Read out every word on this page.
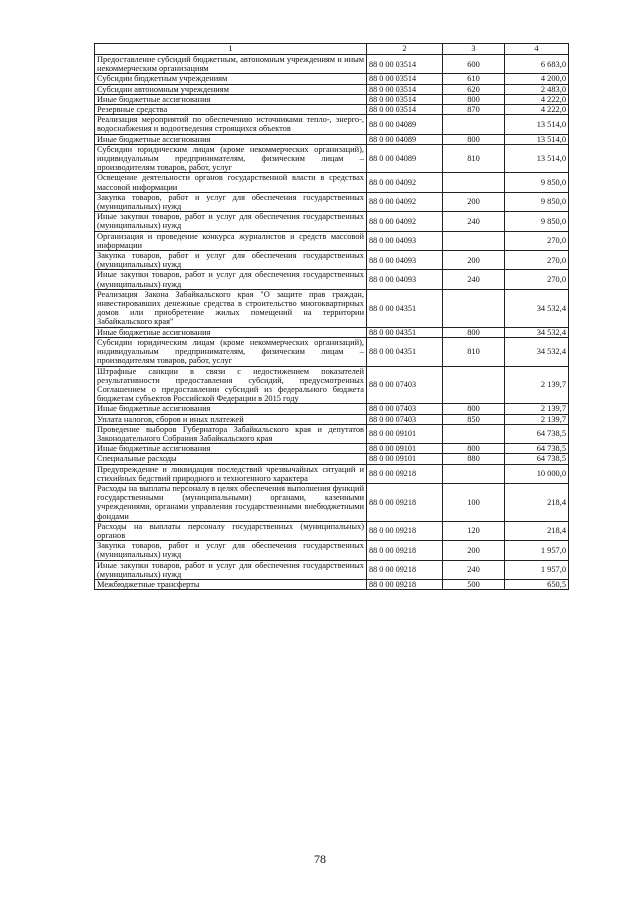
1	2	3	4
Предоставление субсидий бюджетным, автономным учреждениям и иным некоммерческим организациям	88 0 00 03514	600	6 683,0
Субсидии бюджетным учреждениям	88 0 00 03514	610	4 200,0
Субсидии автономным учреждениям	88 0 00 03514	620	2 483,0
Иные бюджетные ассигнования	88 0 00 03514	800	4 222,0
Резервные средства	88 0 00 03514	870	4 222,0
Реализация мероприятий по обеспечению источниками тепло-, энерго-, водоснабжения и водоотведения строящихся объектов	88 0 00 04089		13 514,0
Иные бюджетные ассигнования	88 0 00 04089	800	13 514,0
Субсидии юридическим лицам (кроме некоммерческих организаций), индивидуальным предпринимателям, физическим лицам – производителям товаров, работ, услуг	88 0 00 04089	810	13 514,0
Освещение деятельности органов государственной власти в средствах массовой информации	88 0 00 04092		9 850,0
Закупка товаров, работ и услуг для обеспечения государственных (муниципальных) нужд	88 0 00 04092	200	9 850,0
Иные закупки товаров, работ и услуг для обеспечения государственных (муниципальных) нужд	88 0 00 04092	240	9 850,0
Организация и проведение конкурса журналистов и средств массовой информации	88 0 00 04093		270,0
Закупка товаров, работ и услуг для обеспечения государственных (муниципальных) нужд	88 0 00 04093	200	270,0
Иные закупки товаров, работ и услуг для обеспечения государственных (муниципальных) нужд	88 0 00 04093	240	270,0
Реализация Закона Забайкальского края "О защите прав граждан, инвестировавших денежные средства в строительство многоквартирных домов или приобретение жилых помещений на территории Забайкальского края"	88 0 00 04351		34 532,4
Иные бюджетные ассигнования	88 0 00 04351	800	34 532,4
Субсидии юридическим лицам (кроме некоммерческих организаций), индивидуальным предпринимателям, физическим лицам – производителям товаров, работ, услуг	88 0 00 04351	810	34 532,4
Штрафные санкции в связи с недостижением показателей результативности предоставления субсидий, предусмотренных Соглашением о предоставлении субсидий из федерального бюджета бюджетам субъектов Российской Федерации в 2015 году	88 0 00 07403		2 139,7
Иные бюджетные ассигнования	88 0 00 07403	800	2 139,7
Уплата налогов, сборов и иных платежей	88 0 00 07403	850	2 139,7
Проведение выборов Губернатора Забайкальского края и депутатов Законодательного Собрания Забайкальского края	88 0 00 09101		64 738,5
Иные бюджетные ассигнования	88 0 00 09101	800	64 738,5
Специальные расходы	88 0 00 09101	880	64 738,5
Предупреждение и ликвидация последствий чрезвычайных ситуаций и стихийных бедствий природного и техногенного характера	88 0 00 09218		10 000,0
Расходы на выплаты персоналу в целях обеспечения выполнения функций государственными (муниципальными) органами, казенными учреждениями, органами управления государственными внебюджетными фондами	88 0 00 09218	100	218,4
Расходы на выплаты персоналу государственных (муниципальных) органов	88 0 00 09218	120	218,4
Закупка товаров, работ и услуг для обеспечения государственных (муниципальных) нужд	88 0 00 09218	200	1 957,0
Иные закупки товаров, работ и услуг для обеспечения государственных (муниципальных) нужд	88 0 00 09218	240	1 957,0
Межбюджетные трансферты	88 0 00 09218	500	650,5
78
